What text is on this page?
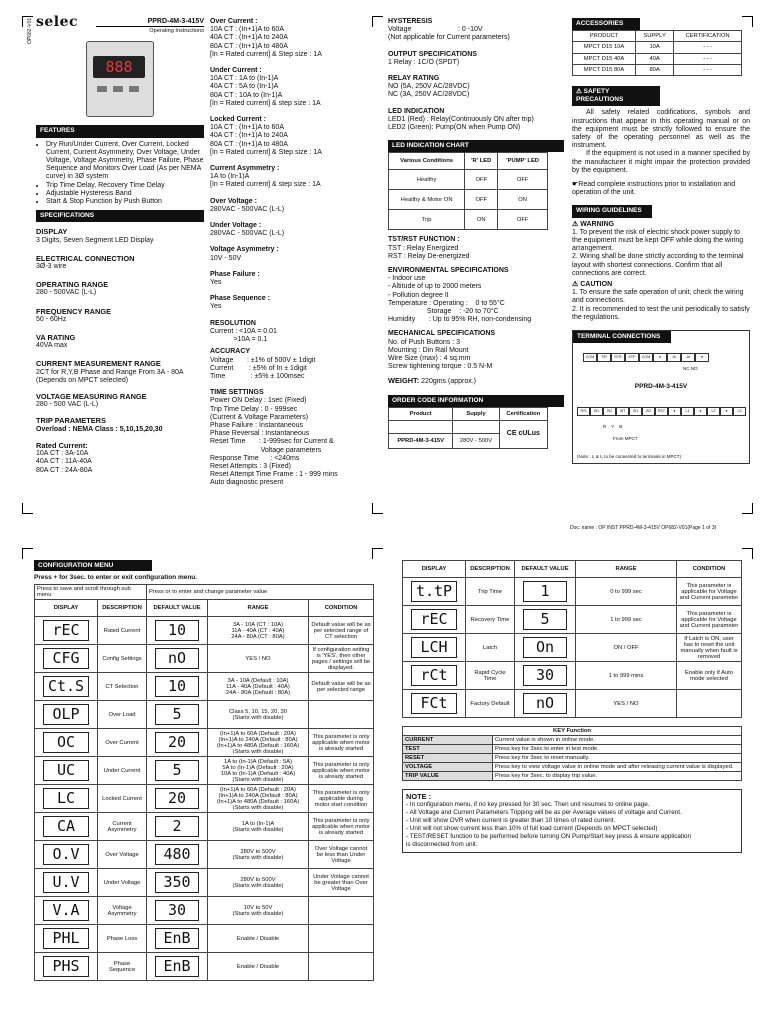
selec	PPRD-4M-3-415V
Operating Instructions
OP682-V01
888
FEATURES
• Dry Run/Under Current, Over Current, Locked Current, Current Asymmetry, Over Voltage, Under Voltage, Voltage Asymmetry, Phase Failure, Phase Sequence and Monitors Over Load (As per NEMA curve) in 3Ø system
• Trip Time Delay, Recovery Time Delay
• Adjustable Hysteresis Band
• Start & Stop Function by Push Button
SPECIFICATIONS
DISPLAY
3 Digits, Seven Segment LED Display
ELECTRICAL CONNECTION
3Ø-3 wire
OPERATING RANGE
280 - 500VAC (L-L)
FREQUENCY RANGE
50 - 60Hz
VA RATING
40VA max
CURRENT MEASUREMENT RANGE
2CT for R,Y,B Phase and Range From 3A - 80A (Depends on MPCT selected)
VOLTAGE MEASURING RANGE
280 - 500 VAC (L-L)
TRIP PARAMETERS
Overload : NEMA Class : 5,10,15,20,30
Rated Current:
10A CT : 3A-10A
40A CT : 11A-40A
80A CT : 24A-80A
Over Current :
10A CT : (In+1)A to 60A
40A CT : (In+1)A to 240A
80A CT : (In+1)A to 480A
[In = Rated current] & Step size : 1A
Under Current :
10A CT : 1A to (In-1)A
40A CT : 5A to (In-1)A
80A CT : 10A to (In-1)A
[In = Rated current] & step size : 1A
Locked Current :
10A CT : (In+1)A to 60A
40A CT : (In+1)A to 240A
80A CT : (In+1)A to 480A
[In = Rated current] & Step size : 1A
Current Asymmetry :
1A to (In-1)A
[In = Rated current] & step size : 1A
Over Voltage :
280VAC - 500VAC (L-L)
Under Voltage :
280VAC - 500VAC (L-L)
Voltage Asymmetry :
10V - 50V
Phase Failure :
Yes
Phase Sequence :
Yes
RESOLUTION
Current : <10A = 0.01
>10A = 0.1
ACCURACY
Voltage       : ±1% of 500V ± 1digit
Current        : ±5% of In ± 1digit
Time             : ±5% ± 100msec
TIME SETTINGS
Power ON Delay : 1sec (Fixed)
Trip Time Delay : 0 - 999sec
(Current & Voltage Parameters)
Phase Failure : Instantaneous
Phase Reversal : Instantaneous
Reset Time       : 1-999sec for Current &
Voltage parameters
Response Time      : <240ms
Reset Attempts : 3 (Fixed)
Reset Attempt Time Frame : 1 - 999 mins
Auto diagnostic present
HYSTERESIS
Voltage                        : 0 -10V
(Not applicable for Current parameters)
OUTPUT SPECIFICATIONS
1 Relay : 1C/O (SPDT)
RELAY RATING
NO (5A, 250V AC/28VDC)
NC (3A, 250V AC/28VDC)
LED INDICATION
LED1 (Red) : Relay(Continuously ON after trip)
LED2 (Green): Pump(ON when Pump ON)
LED INDICATION CHART
Various Conditions	'R' LED	'PUMP' LED
Healthy	OFF	OFF
Healthy & Motor ON	OFF	ON
Trip	ON	OFF
TST/RST FUNCTION :
TST : Relay Energized
RST : Relay De-energized
ENVIRONMENTAL SPECIFICATIONS
- Indoor use
- Altitude of up to 2000 meters
- Pollution degree II
Temperature : Operating :    0 to 55°C
Storage    : -20 to 70°C
Humidity       : Up to 95% RH, non-condensing
MECHANICAL SPECIFICATIONS
No. of Push Buttons : 3
Mounting : Din Rail Mount
Wire Size (max) : 4 sq.mm
Screw tightening torque : 0.5 N-M
WEIGHT: 220gms (approx.)
ORDER CODE INFORMATION
Product	Supply	Certification
		CE cULus
PPRD-4M-3-415V	280V - 500V	
ACCESSORIES
PRODUCT	SUPPLY	CERTIFICATION
MPCT D15 10A	10A	- - -
MPCT D15 40A	40A	- - -
MPCT D15 80A	80A	- - -
⚠ SAFETY PRECAUTIONS
All safety related codifications, symbols and instructions that appear in this operating manual or on the equipment must be strictly followed to ensure the safety of the operating personnel as well as the instrument.
If the equipment is not used in a manner specified by the manufacturer it might impair the protection provided by the equipment.
☛Read complete instructions prior to installation and operation of the unit.
WIRING GUIDELINES
⚠ WARNING
1. To prevent the risk of electric shock power supply to the equipment must be kept OFF while doing the wiring arrangement.
2. Wiring shall be done strictly according to the terminal layout with shortest connections. Confirm that all connections are correct.
⚠ CAUTION
1. To ensure the safe operation of unit, check the wiring and connections.
2. It is recommended to test the unit periodically to satisfy the regulations.
TERMINAL CONNECTIONS
COM T/R STR STP COM ●	1k	1k	●
NC NO
PPRD-4M-3-415V
R/S IS1 IS2 IST IS1 IS2 RST ●	L1	●	L2	●	L3
R Y B
From MPCT
(Note : I₁ & I₂ to be connected to terminals in MPCT)
Doc. name : OP INST PPRD-4M-3-415V OP682-V01(Page 1 of 3)
CONFIGURATION MENU
Press + for 3sec. to enter or exit configuration menu.
Press to save and scroll through sub menu		Press or to enter and change parameter value		
DISPLAY	DESCRIPTION	DEFAULT VALUE	RANGE	CONDITION

rEC	Rated Current	10	3A - 10A (CT : 10A)
11A - 40A (CT : 40A)
24A - 80A (CT : 80A)	Default value will be as per selected range of CT selection

CFG	Config Settings	nO	YES / NO	If configuration setting is 'YES', then other pages / settings will be displayed.

Ct.S	CT Selection	10	3A - 10A (Default : 10A)
11A - 40A (Default : 40A)
24A - 80A (Default : 80A)	Default value will be as per selected range

OLP	Over Load	5	Class 5, 10, 15, 20, 30
(Starts with disable)	

OC	Over Current	20	(In+1)A to 60A (Default : 20A)
(In+1)A to 240A (Default : 80A)
(In+1)A to 480A (Default : 160A)
(Starts with disable)	This parameter is only applicable when motor is already started

UC	Under Current	5	1A to (In-1)A (Default : 5A)
5A to (In-1)A (Default : 20A)
10A to (In-1)A (Default : 40A)
(Starts with disable)	This parameter is only applicable when motor is already started

LC	Locked Current	20	(In+1)A to 60A (Default : 20A)
(In+1)A to 240A (Default : 80A)
(In+1)A to 480A (Default : 160A)
(Starts with disable)	This parameter is only applicable during motor start condition

CA	Current Asymmetry	2	1A to (In-1)A
(Starts with disable)	This parameter is only applicable when motor is already started

O.V	Over Voltage	480	280V to 500V
(Starts with disable)	Over Voltage cannot be less than Under Voltage

U.V	Under Voltage	350	280V to 500V
(Starts with disable)	Under Voltage cannot be greater than Over Voltage

V.A	Voltage Asymmetry	30	10V to 50V
(Starts with disable)	

PHL	Phase Loss	EnB	Enable / Disable	

PHS	Phase Sequence	EnB	Enable / Disable	
DISPLAY	DESCRIPTION	DEFAULT VALUE	RANGE	CONDITION

t.tP	Trip Time	1	0 to 999 sec	This parameter is applicable for Voltage and Current parameter

rEC	Recovery Time	5	1 to 999 sec	This parameter is applicable for Voltage and Current parameter

LCH	Latch	On	ON / OFF	If Latch is ON, user has to reset the unit manually when fault is removed

rCt	Rapid Cycle Time	30	1 to 999 mins	Enable only if Auto mode selected

FCt	Factory Default	nO	YES / NO	
KEY Function	
CURRENT	Current value is shown in online mode.
TEST	Press key for 3sec to enter in test mode.
RESET	Press key for 3sec to reset manually.
VOLTAGE	Press key to view voltage value in online mode and after releasing current value is displayed.
TRIP VALUE	Press key for 3sec. to display trip value.
NOTE :
- In configuration menu, if no key pressed for 30 sec. Then unit resumes to online page.
- All Voltage and Current Parameters Tripping will be as per Average values of voltage and Current.
- Unit will show OVR when current is greater than 10 times of rated current.
- Unit will not show current less than 10% of full load current (Depends on MPCT selected)
- TEST/RESET function to be performed before turning ON Pump/Start key press & ensure application
is disconnected from unit.
